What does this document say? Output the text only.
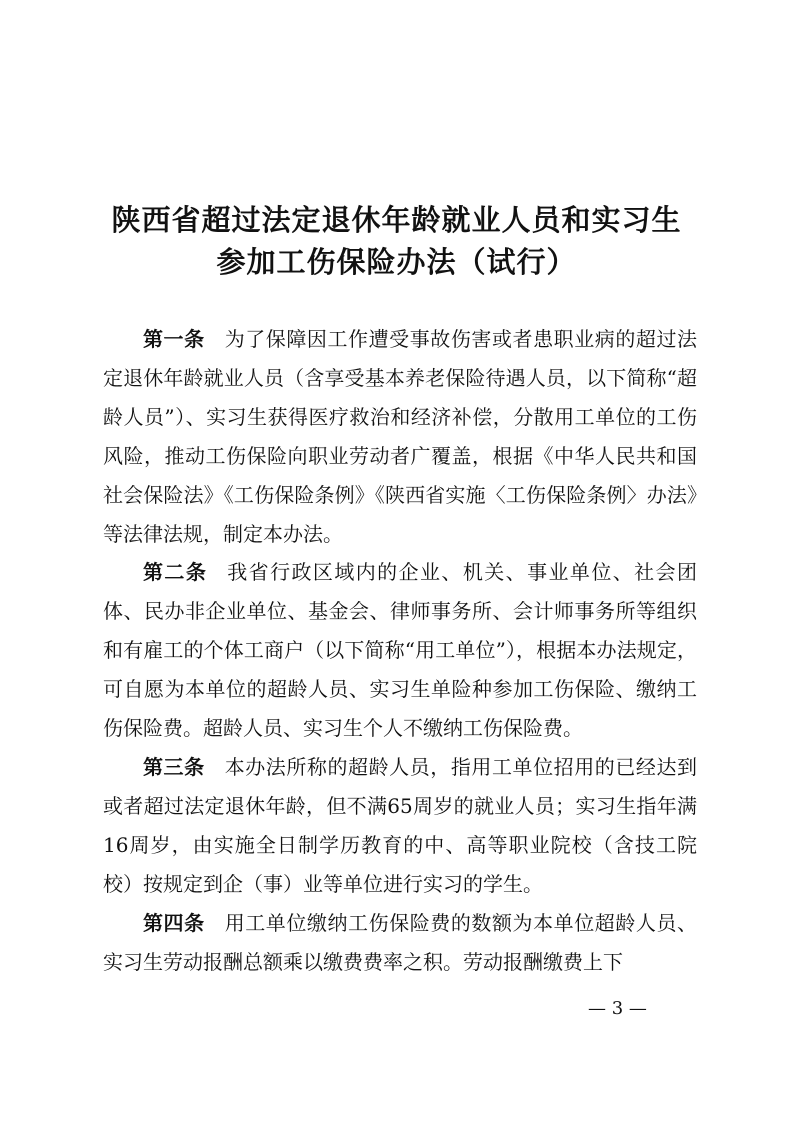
陕西省超过法定退休年龄就业人员和实习生
参加工伤保险办法（试行）

第一条 为了保障因工作遭受事故伤害或者患职业病的超过法定退休年龄就业人员（含享受基本养老保险待遇人员，以下简称“超龄人员”）、实习生获得医疗救治和经济补偿，分散用工单位的工伤风险，推动工伤保险向职业劳动者广覆盖，根据《中华人民共和国社会保险法》《工伤保险条例》《陕西省实施〈工伤保险条例〉办法》等法律法规，制定本办法。

第二条 我省行政区域内的企业、机关、事业单位、社会团体、民办非企业单位、基金会、律师事务所、会计师事务所等组织和有雇工的个体工商户（以下简称“用工单位”），根据本办法规定，可自愿为本单位的超龄人员、实习生单险种参加工伤保险、缴纳工伤保险费。超龄人员、实习生个人不缴纳工伤保险费。

第三条 本办法所称的超龄人员，指用工单位招用的已经达到或者超过法定退休年龄，但不满65周岁的就业人员；实习生指年满16周岁，由实施全日制学历教育的中、高等职业院校（含技工院校）按规定到企（事）业等单位进行实习的学生。

第四条 用工单位缴纳工伤保险费的数额为本单位超龄人员、实习生劳动报酬总额乘以缴费费率之积。劳动报酬缴费上下

— 3 —
